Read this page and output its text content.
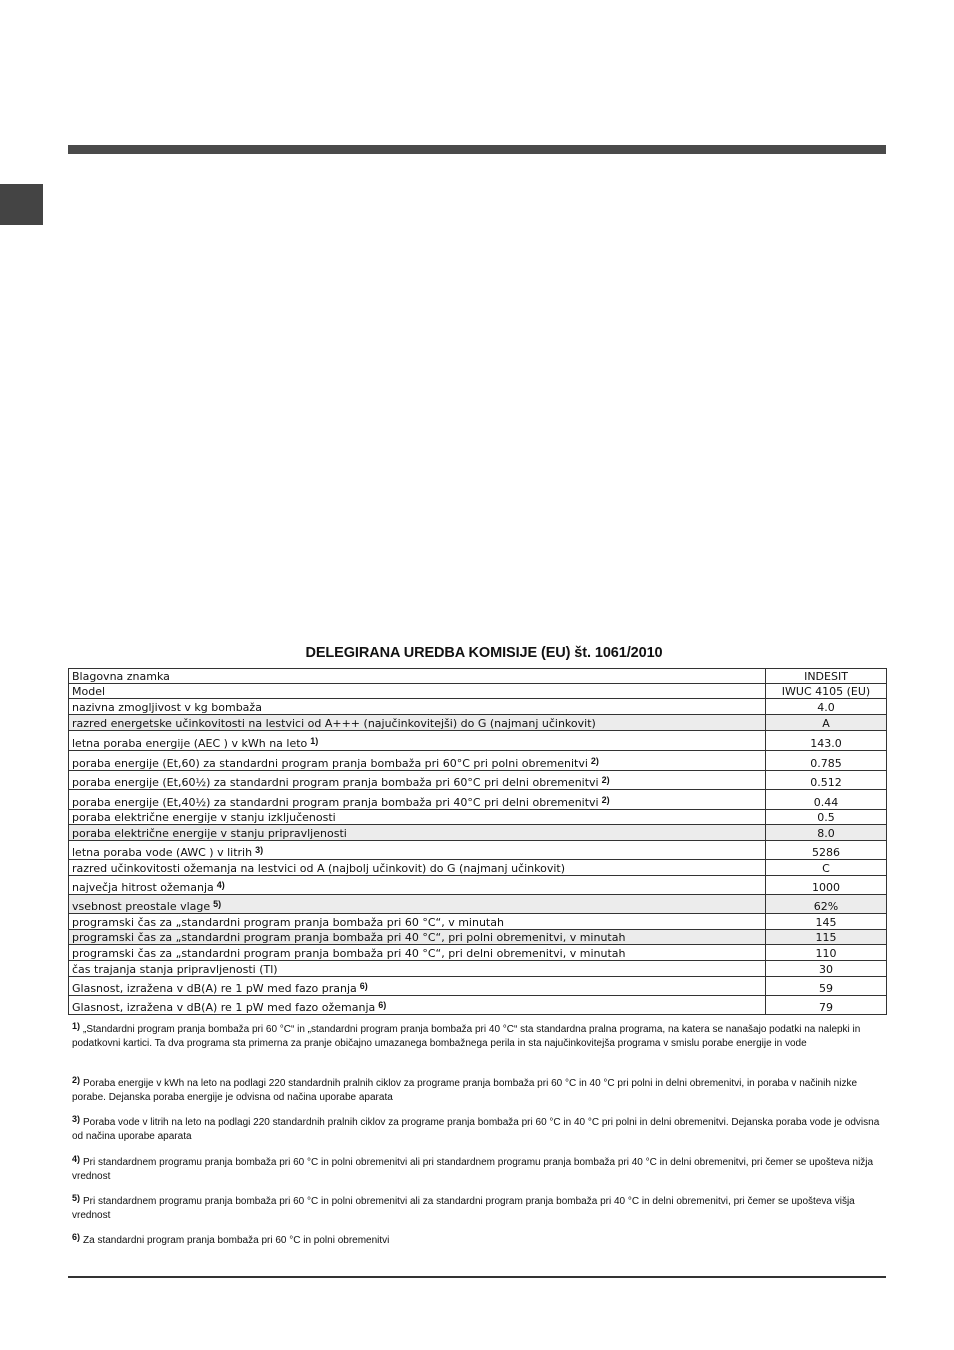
DELEGIRANA UREDBA KOMISIJE (EU) št. 1061/2010
Blagovna znamka	INDESIT
Model	IWUC 4105 (EU)
nazivna zmogljivost v kg bombaža	4.0
razred energetske učinkovitosti na lestvici od A+++ (najučinkovitejši) do G (najmanj učinkovit)	A
letna poraba energije (AEC ) v kWh na leto $^{1)}$	143.0
poraba energije (Et,60) za standardni program pranja bombaža pri 60°C pri polni obremenitvi $^{2)}$	0.785
poraba energije (Et,60½) za standardni program pranja bombaža pri 60°C pri delni obremenitvi $^{2)}$	0.512
poraba energije (Et,40½) za standardni program pranja bombaža pri 40°C pri delni obremenitvi $^{2)}$	0.44
poraba električne energije v stanju izključenosti	0.5
poraba električne energije v stanju pripravljenosti	8.0
letna poraba vode (AWC ) v litrih $^{3)}$	5286
razred učinkovitosti ožemanja na lestvici od A (najbolj učinkovit) do G (najmanj učinkovit)	C
največja hitrost ožemanja $^{4)}$	1000
vsebnost preostale vlage $^{5)}$	62%
programski čas za „standardni program pranja bombaža pri 60 °C“, v minutah	145
programski čas za „standardni program pranja bombaža pri 40 °C“, pri polni obremenitvi, v minutah	115
programski čas za „standardni program pranja bombaža pri 40 °C“, pri delni obremenitvi, v minutah	110
čas trajanja stanja pripravljenosti (Tl)	30
Glasnost, izražena v dB(A) re 1 pW med fazo pranja $^{6)}$	59
Glasnost, izražena v dB(A) re 1 pW med fazo ožemanja $^{6)}$	79
$^{1)}$ „Standardni program pranja bombaža pri 60 °C“ in „standardni program pranja bombaža pri 40 °C“ sta standardna pralna programa, na katera se nanašajo podatki na nalepki in podatkovni kartici. Ta dva programa sta primerna za pranje običajno umazanega bombažnega perila in sta najučinkovitejša programa v smislu porabe energije in vode
$^{2)}$ Poraba energije v kWh na leto na podlagi 220 standardnih pralnih ciklov za programe pranja bombaža pri 60 °C in 40 °C pri polni in delni obremenitvi, in poraba v načinih nizke porabe. Dejanska poraba energije je odvisna od načina uporabe aparata
$^{3)}$ Poraba vode v litrih na leto na podlagi 220 standardnih pralnih ciklov za programe pranja bombaža pri 60 °C in 40 °C pri polni in delni obremenitvi. Dejanska poraba vode je odvisna od načina uporabe aparata
$^{4)}$ Pri standardnem programu pranja bombaža pri 60 °C in polni obremenitvi ali pri standardnem programu pranja bombaža pri 40 °C in delni obremenitvi, pri čemer se upošteva nižja vrednost
$^{5)}$ Pri standardnem programu pranja bombaža pri 60 °C in polni obremenitvi ali za standardni program pranja bombaža pri 40 °C in delni obremenitvi, pri čemer se upošteva višja vrednost
$^{6)}$ Za standardni program pranja bombaža pri 60 °C in polni obremenitvi
